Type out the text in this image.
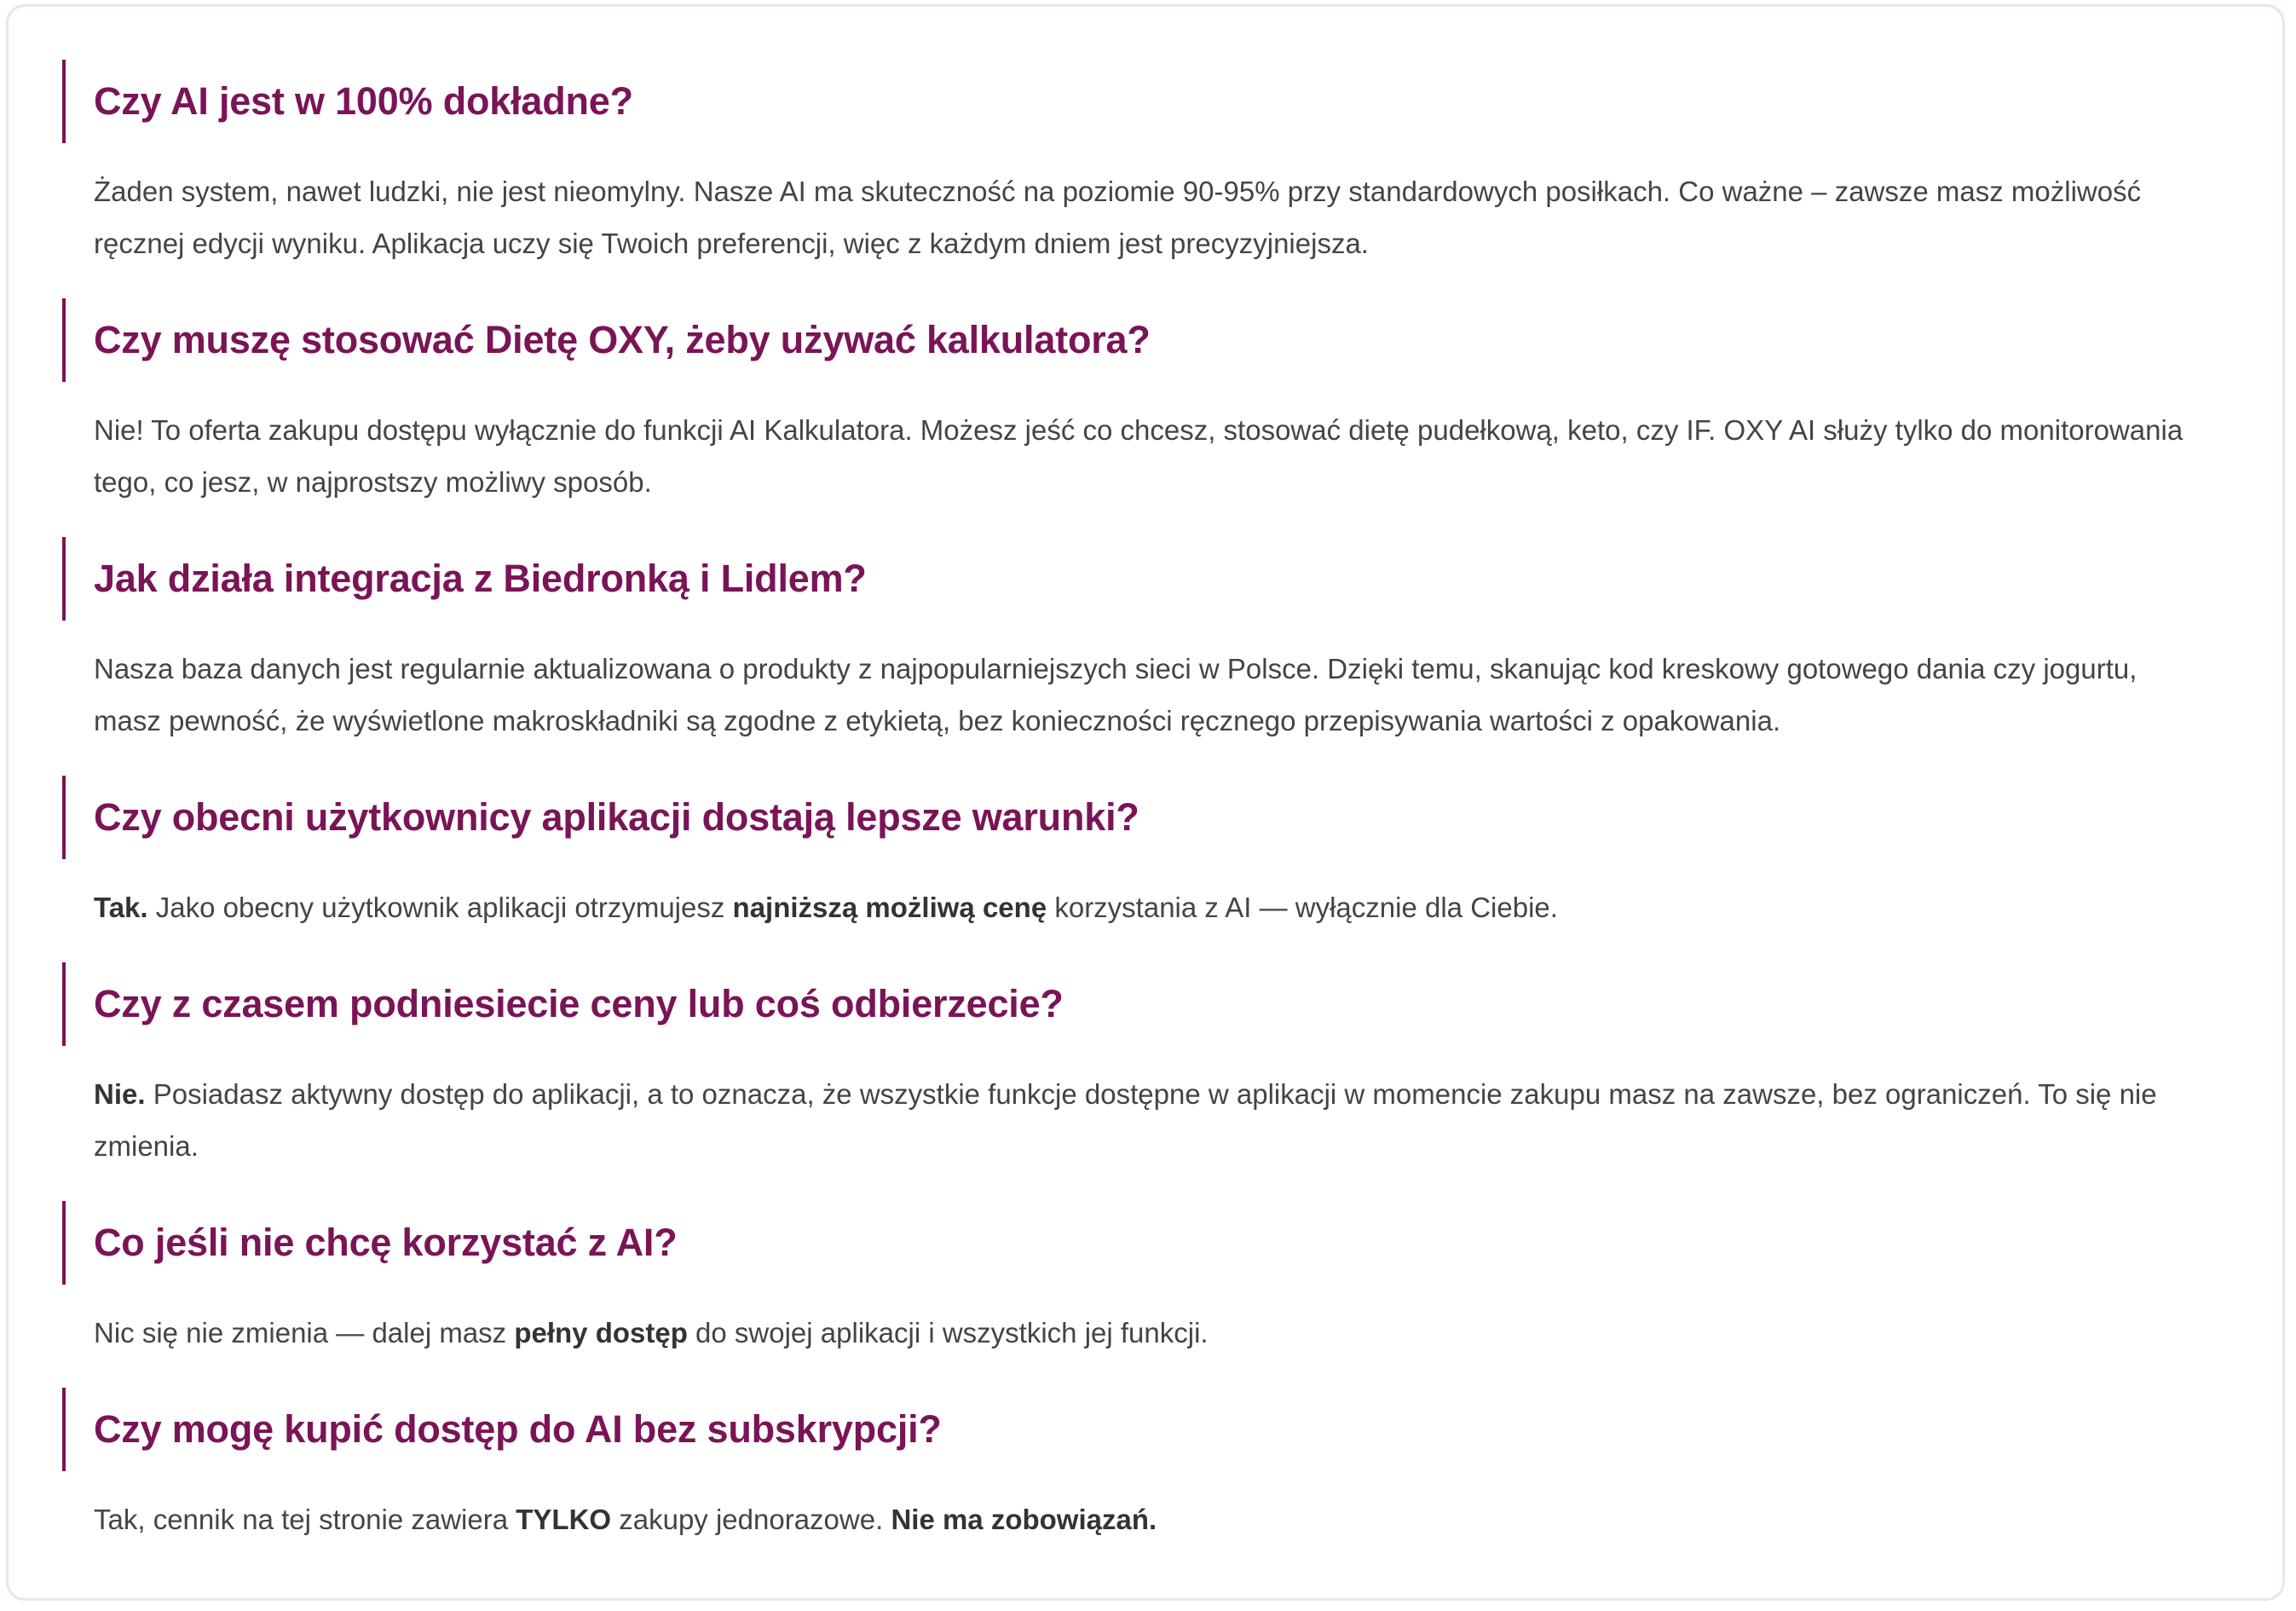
Czy AI jest w 100% dokładne?

Żaden system, nawet ludzki, nie jest nieomylny. Nasze AI ma skuteczność na poziomie 90-95% przy standardowych posiłkach. Co ważne – zawsze masz możliwość ręcznej edycji wyniku. Aplikacja uczy się Twoich preferencji, więc z każdym dniem jest precyzyjniejsza.

Czy muszę stosować Dietę OXY, żeby używać kalkulatora?

Nie! To oferta zakupu dostępu wyłącznie do funkcji AI Kalkulatora. Możesz jeść co chcesz, stosować dietę pudełkową, keto, czy IF. OXY AI służy tylko do monitorowania tego, co jesz, w najprostszy możliwy sposób.

Jak działa integracja z Biedronką i Lidlem?

Nasza baza danych jest regularnie aktualizowana o produkty z najpopularniejszych sieci w Polsce. Dzięki temu, skanując kod kreskowy gotowego dania czy jogurtu, masz pewność, że wyświetlone makroskładniki są zgodne z etykietą, bez konieczności ręcznego przepisywania wartości z opakowania.

Czy obecni użytkownicy aplikacji dostają lepsze warunki?

Tak. Jako obecny użytkownik aplikacji otrzymujesz najniższą możliwą cenę korzystania z AI — wyłącznie dla Ciebie.

Czy z czasem podniesiecie ceny lub coś odbierzecie?

Nie. Posiadasz aktywny dostęp do aplikacji, a to oznacza, że wszystkie funkcje dostępne w aplikacji w momencie zakupu masz na zawsze, bez ograniczeń. To się nie zmienia.

Co jeśli nie chcę korzystać z AI?

Nic się nie zmienia — dalej masz pełny dostęp do swojej aplikacji i wszystkich jej funkcji.

Czy mogę kupić dostęp do AI bez subskrypcji?

Tak, cennik na tej stronie zawiera TYLKO zakupy jednorazowe. Nie ma zobowiązań.
